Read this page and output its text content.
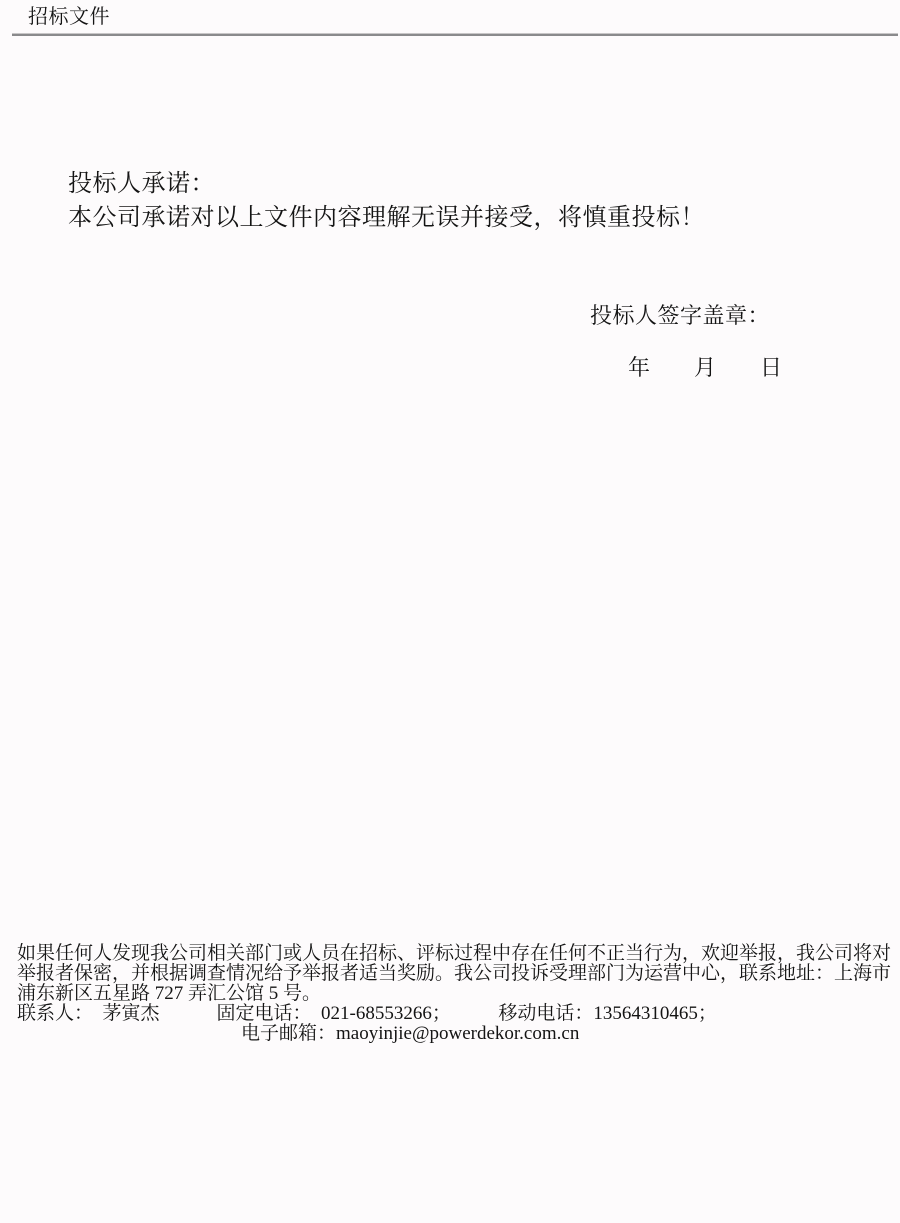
招标文件
投标人承诺：
本公司承诺对以上文件内容理解无误并接受，将慎重投标！
投标人签字盖章：
年　　月　　日
如果任何人发现我公司相关部门或人员在招标、评标过程中存在任何不正当行为，欢迎举报，我公司将对
举报者保密，并根据调查情况给予举报者适当奖励。我公司投诉受理部门为运营中心，联系地址：上海市
浦东新区五星路 727 弄汇公馆 5 号。
联系人：　茅寅杰　　　固定电话：　021-68553266；　　　移动电话：13564310465；
电子邮箱：maoyinjie@powerdekor.com.cn
